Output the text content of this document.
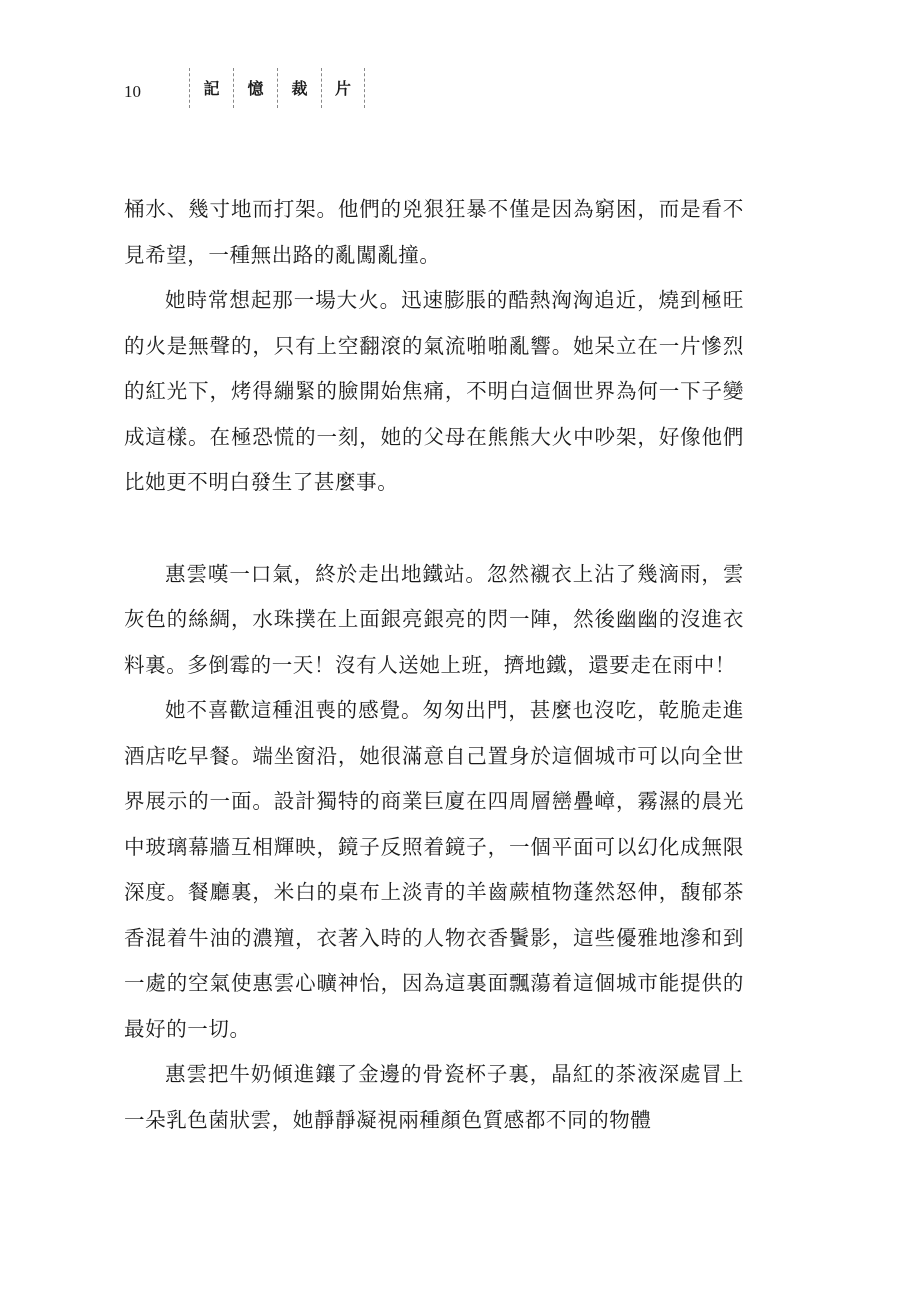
10	記	憶	裁	片

桶水、幾寸地而打架。他們的兇狠狂暴不僅是因為窮困，而是看不見希望，一種無出路的亂闖亂撞。

她時常想起那一場大火。迅速膨脹的酷熱洶洶追近，燒到極旺的火是無聲的，只有上空翻滾的氣流啪啪亂響。她呆立在一片慘烈的紅光下，烤得繃緊的臉開始焦痛，不明白這個世界為何一下子變成這樣。在極恐慌的一刻，她的父母在熊熊大火中吵架，好像他們比她更不明白發生了甚麼事。

惠雲嘆一口氣，終於走出地鐵站。忽然襯衣上沾了幾滴雨，雲灰色的絲綢，水珠撲在上面銀亮銀亮的閃一陣，然後幽幽的沒進衣料裏。多倒霉的一天！沒有人送她上班，擠地鐵，還要走在雨中！

她不喜歡這種沮喪的感覺。匆匆出門，甚麼也沒吃，乾脆走進酒店吃早餐。端坐窗沿，她很滿意自己置身於這個城市可以向全世界展示的一面。設計獨特的商業巨廈在四周層巒疊嶂，霧濕的晨光中玻璃幕牆互相輝映，鏡子反照着鏡子，一個平面可以幻化成無限深度。餐廳裏，米白的桌布上淡青的羊齒蕨植物蓬然怒伸，馥郁茶香混着牛油的濃羶，衣著入時的人物衣香鬢影，這些優雅地滲和到一處的空氣使惠雲心曠神怡，因為這裏面飄蕩着這個城市能提供的最好的一切。

惠雲把牛奶傾進鑲了金邊的骨瓷杯子裏，晶紅的茶液深處冒上一朵乳色菌狀雲，她靜靜凝視兩種顏色質感都不同的物體
